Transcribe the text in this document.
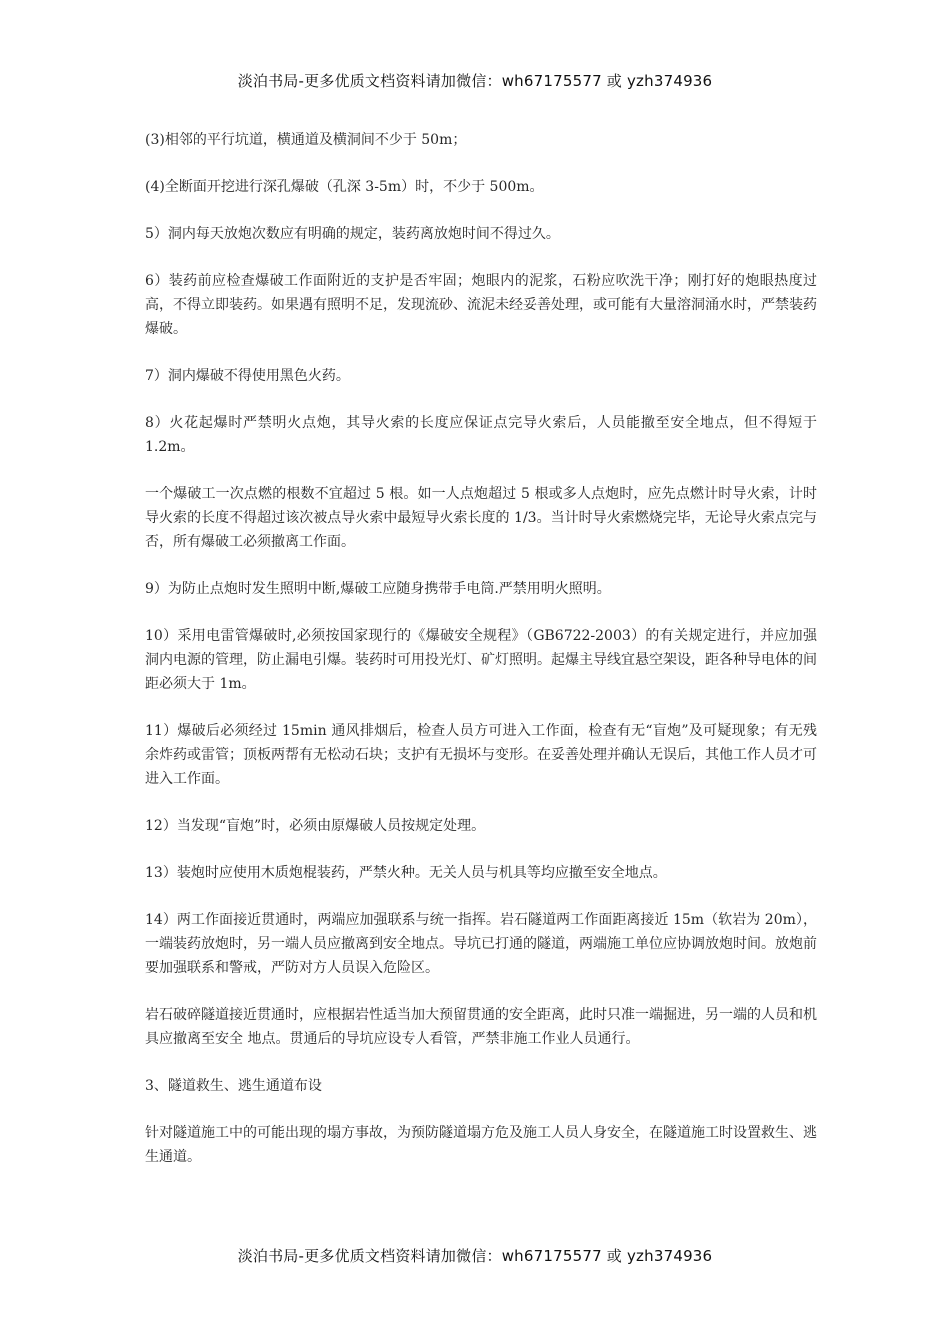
淡泊书局-更多优质文档资料请加微信：wh67175577 或 yzh374936

(3)相邻的平行坑道，横通道及横洞间不少于 50m；

(4)全断面开挖进行深孔爆破（孔深 3-5m）时，不少于 500m。

5）洞内每天放炮次数应有明确的规定，装药离放炮时间不得过久。

6）装药前应检查爆破工作面附近的支护是否牢固；炮眼内的泥浆，石粉应吹洗干净；刚打好的炮眼热度过高，不得立即装药。如果遇有照明不足，发现流砂、流泥未经妥善处理，或可能有大量溶洞涌水时，严禁装药爆破。

7）洞内爆破不得使用黑色火药。

8）火花起爆时严禁明火点炮，其导火索的长度应保证点完导火索后，人员能撤至安全地点，但不得短于 1.2m。

一个爆破工一次点燃的根数不宜超过 5 根。如一人点炮超过 5 根或多人点炮时，应先点燃计时导火索，计时导火索的长度不得超过该次被点导火索中最短导火索长度的 1/3。当计时导火索燃烧完毕，无论导火索点完与否，所有爆破工必须撤离工作面。

9）为防止点炮时发生照明中断,爆破工应随身携带手电筒.严禁用明火照明。

10）采用电雷管爆破时,必须按国家现行的《爆破安全规程》（GB6722-2003）的有关规定进行，并应加强洞内电源的管理，防止漏电引爆。装药时可用投光灯、矿灯照明。起爆主导线宜悬空架设，距各种导电体的间距必须大于 1m。

11）爆破后必须经过 15min 通风排烟后，检查人员方可进入工作面，检查有无“盲炮”及可疑现象；有无残余炸药或雷管；顶板两帮有无松动石块；支护有无损坏与变形。在妥善处理并确认无误后，其他工作人员才可进入工作面。

12）当发现“盲炮”时，必须由原爆破人员按规定处理。

13）装炮时应使用木质炮棍装药，严禁火种。无关人员与机具等均应撤至安全地点。

14）两工作面接近贯通时，两端应加强联系与统一指挥。岩石隧道两工作面距离接近 15m（软岩为 20m），一端装药放炮时，另一端人员应撤离到安全地点。导坑已打通的隧道，两端施工单位应协调放炮时间。放炮前要加强联系和警戒，严防对方人员误入危险区。

岩石破碎隧道接近贯通时，应根据岩性适当加大预留贯通的安全距离，此时只准一端掘进，另一端的人员和机具应撤离至安全 地点。贯通后的导坑应设专人看管，严禁非施工作业人员通行。

3、隧道救生、逃生通道布设

针对隧道施工中的可能出现的塌方事故，为预防隧道塌方危及施工人员人身安全，在隧道施工时设置救生、逃生通道。

淡泊书局-更多优质文档资料请加微信：wh67175577 或 yzh374936
